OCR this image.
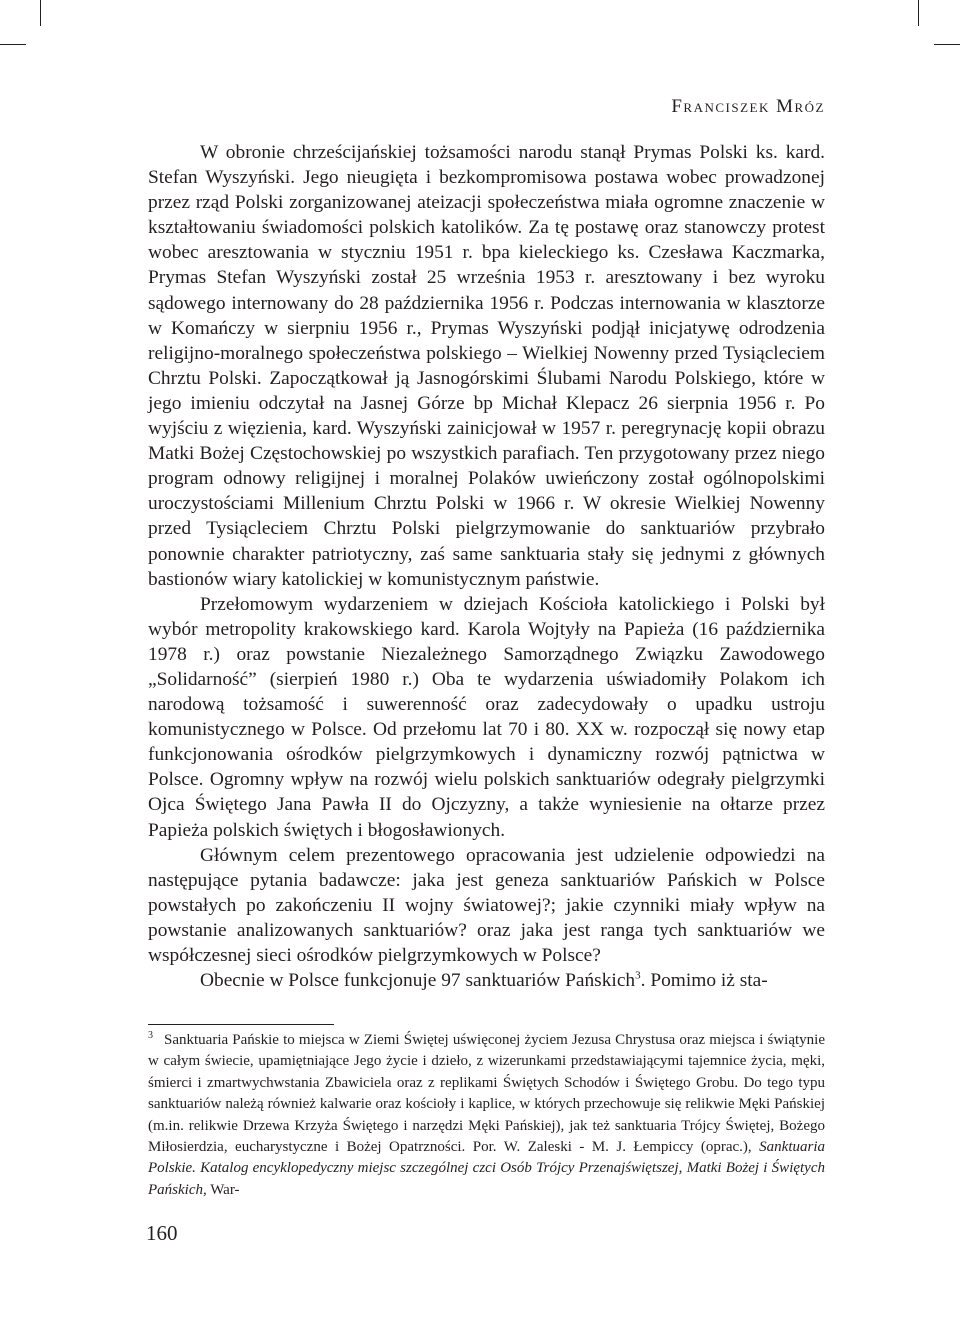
Franciszek Mróz

W obronie chrześcijańskiej tożsamości narodu stanął Prymas Polski ks. kard. Stefan Wyszyński. Jego nieugięta i bezkompromisowa postawa wobec prowadzonej przez rząd Polski zorganizowanej ateizacji społeczeństwa miała ogromne znaczenie w kształtowaniu świadomości polskich katolików. Za tę postawę oraz stanowczy protest wobec aresztowania w styczniu 1951 r. bpa kieleckiego ks. Czesława Kaczmarka, Prymas Stefan Wyszyński został 25 września 1953 r. aresztowany i bez wyroku sądowego internowany do 28 października 1956 r. Podczas internowania w klasztorze w Komańczy w sierpniu 1956 r., Prymas Wyszyński podjął inicjatywę odrodzenia religijno-moralnego społeczeństwa polskiego – Wielkiej Nowenny przed Tysiącleciem Chrztu Polski. Zapoczątkował ją Jasnogórskimi Ślubami Narodu Polskiego, które w jego imieniu odczytał na Jasnej Górze bp Michał Klepacz 26 sierpnia 1956 r. Po wyjściu z więzienia, kard. Wyszyński zainicjował w 1957 r. peregrynację kopii obrazu Matki Bożej Częstochowskiej po wszystkich parafiach. Ten przygotowany przez niego program odnowy religijnej i moralnej Polaków uwieńczony został ogólnopolskimi uroczystościami Millenium Chrztu Polski w 1966 r. W okresie Wielkiej Nowenny przed Tysiącleciem Chrztu Polski pielgrzymowanie do sanktuariów przybrało ponownie charakter patriotyczny, zaś same sanktuaria stały się jednymi z głównych bastionów wiary katolickiej w komunistycznym państwie.

Przełomowym wydarzeniem w dziejach Kościoła katolickiego i Polski był wybór metropolity krakowskiego kard. Karola Wojtyły na Papieża (16 października 1978 r.) oraz powstanie Niezależnego Samorządnego Związku Zawodowego „Solidarność” (sierpień 1980 r.) Oba te wydarzenia uświadomiły Polakom ich narodową tożsamość i suwerenność oraz zadecydowały o upadku ustroju komunistycznego w Polsce. Od przełomu lat 70 i 80. XX w. rozpoczął się nowy etap funkcjonowania ośrodków pielgrzymkowych i dynamiczny rozwój pątnictwa w Polsce. Ogromny wpływ na rozwój wielu polskich sanktuariów odegrały pielgrzymki Ojca Świętego Jana Pawła II do Ojczyzny, a także wyniesienie na ołtarze przez Papieża polskich świętych i błogosławionych.

Głównym celem prezentowego opracowania jest udzielenie odpowiedzi na następujące pytania badawcze: jaka jest geneza sanktuariów Pańskich w Polsce powstałych po zakończeniu II wojny światowej?; jakie czynniki miały wpływ na powstanie analizowanych sanktuariów? oraz jaka jest ranga tych sanktuariów we współczesnej sieci ośrodków pielgrzymkowych w Polsce?

Obecnie w Polsce funkcjonuje 97 sanktuariów Pańskich$^3$. Pomimo iż sta-

3 Sanktuaria Pańskie to miejsca w Ziemi Świętej uświęconej życiem Jezusa Chrystusa oraz miejsca i świątynie w całym świecie, upamiętniające Jego życie i dzieło, z wizerunkami przedstawiającymi tajemnice życia, męki, śmierci i zmartwychwstania Zbawiciela oraz z replikami Świętych Schodów i Świętego Grobu. Do tego typu sanktuariów należą również kalwarie oraz kościoły i kaplice, w których przechowuje się relikwie Męki Pańskiej (m.in. relikwie Drzewa Krzyża Świętego i narzędzi Męki Pańskiej), jak też sanktuaria Trójcy Świętej, Bożego Miłosierdzia, eucharystyczne i Bożej Opatrzności. Por. W. Zaleski - M. J. Łempiccy (oprac.), Sanktuaria Polskie. Katalog encyklopedyczny miejsc szczególnej czci Osób Trójcy Przenajświętszej, Matki Bożej i Świętych Pańskich, War-

160
